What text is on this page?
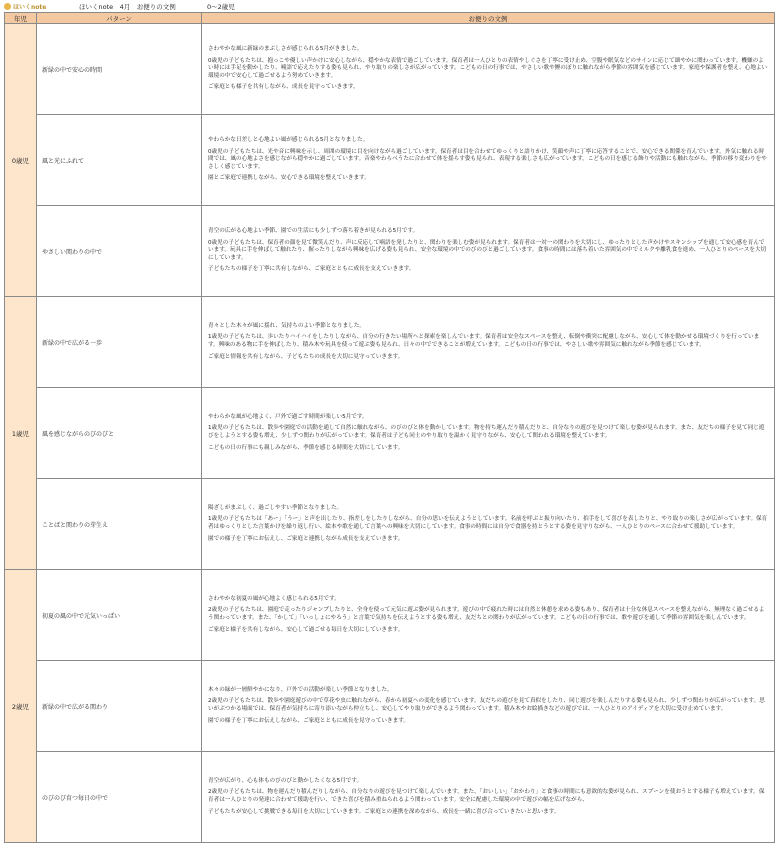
ほいくnote	ほいくnote　4月　お便りの文例	0〜2歳児
年児	パターン	お便りの文例
0歳児	新緑の中で安心の時間	さわやかな風に新緑のまぶしさが感じられる5月がきました。
0歳児の子どもたちは、抱っこや優しい声かけに安心しながら、穏やかな表情で過ごしています。保育者は一人ひとりの表情やしぐさを丁寧に受け止め、空腹や眠気などのサインに応じて細やかに関わっています。機嫌のよい時には手足を動かしたり、喃語で応えたりする姿も見られ、やり取りの楽しさが広がっています。こどもの日の行事では、やさしい歌や鯉のぼりに触れながら季節の雰囲気を感じています。家庭や保護者を整え、心地よい環境の中で安心して過ごせるよう努めていきます。
ご家庭とも様子を共有しながら、成長を見守っていきます。

	風と光にふれて	やわらかな日差しと心地よい風が感じられる5月となりました。
0歳児の子どもたちは、光や音に興味を示し、周囲の環境に目を向けながら過ごしています。保育者は目を合わせてゆっくりと語りかけ、笑顔や声に丁寧に応答することで、安心できる関係を育んでいます。外気に触れる時間では、風の心地よさを感じながら穏やかに過ごしています。音楽やわらべうたに合わせて体を揺らす姿も見られ、表現する楽しさも広がっています。こどもの日を感じる飾りや活動にも触れながら、季節の移り変わりをやさしく感じています。
園とご家庭で連携しながら、安心できる環境を整えていきます。

	やさしい関わりの中で	青空の広がる心地よい季節、園での生活にも少しずつ落ち着きが見られる5月です。
0歳児の子どもたちは、保育者の顔を見て微笑んだり、声に反応して喃語を発したりと、関わりを楽しむ姿が見られます。保育者は一対一の関わりを大切にし、ゆったりとした声かけやスキンシップを通して安心感を育んでいます。玩具に手を伸ばして触れたり、握ったりしながら興味を広げる姿も見られ、安全な環境の中でのびのびと過ごしています。食事の時間には落ち着いた雰囲気の中でミルクや離乳食を進め、一人ひとりのペースを大切にしています。
子どもたちの様子を丁寧に共有しながら、ご家庭とともに成長を支えていきます。

1歳児	新緑の中で広がる一歩	青々とした木々が風に揺れ、気持ちのよい季節となりました。
1歳児の子どもたちは、歩いたりハイハイをしたりしながら、自分の行きたい場所へと探索を楽しんでいます。保育者は安全なスペースを整え、転倒や衝突に配慮しながら、安心して体を動かせる環境づくりを行っています。興味のある物に手を伸ばしたり、積み木や玩具を使って遊ぶ姿も見られ、日々の中でできることが増えています。こどもの日の行事では、やさしい歌や雰囲気に触れながら季節を感じています。
ご家庭と情報を共有しながら、子どもたちの成長を大切に見守っていきます。

	風を感じながらのびのびと	やわらかな風が心地よく、戸外で過ごす時間が楽しい5月です。
1歳児の子どもたちは、散歩や園庭での活動を通して自然に触れながら、のびのびと体を動かしています。物を持ち運んだり積んだりと、自分なりの遊びを見つけて楽しむ姿が見られます。また、友だちの様子を見て同じ遊びをしようとする姿も増え、少しずつ関わりが広がっています。保育者は子ども同士のやり取りを温かく見守りながら、安心して関われる環境を整えています。
こどもの日の行事にも親しみながら、季節を感じる時間を大切にしています。

	ことばと関わりの芽生え	陽ざしがまぶしく、過ごしやすい季節となりました。
1歳児の子どもたちは「あー」「うー」と声を出したり、指差しをしたりしながら、自分の思いを伝えようとしています。名前を呼ぶと振り向いたり、拍手をして喜びを表したりと、やり取りの楽しさが広がっています。保育者はゆっくりとした言葉かけを繰り返し行い、絵本や歌を通して言葉への興味を大切にしています。食事の時間には自分で食器を持とうとする姿を見守りながら、一人ひとりのペースに合わせて援助しています。
園での様子を丁寧にお伝えし、ご家庭と連携しながら成長を支えていきます。

2歳児	初夏の風の中で元気いっぱい	さわやかな初夏の風が心地よく感じられる5月です。
2歳児の子どもたちは、園庭で走ったりジャンプしたりと、全身を使って元気に遊ぶ姿が見られます。遊びの中で疲れた時には自然と休憩を求める姿もあり、保育者は十分な休息スペースを整えながら、無理なく過ごせるよう関わっています。また、「かして」「いっしょにやろう」と言葉で気持ちを伝えようとする姿も増え、友だちとの関わりが広がっています。こどもの日の行事では、歌や遊びを通して季節の雰囲気を楽しんでいます。
ご家庭と様子を共有しながら、安心して過ごせる毎日を大切にしていきます。

	新緑の中で広がる関わり	木々の緑が一層鮮やかになり、戸外での活動が楽しい季節となりました。
2歳児の子どもたちは、散歩や園庭遊びの中で草花や虫に触れながら、春から初夏への変化を感じています。友だちの遊びを見て真似をしたり、同じ遊びを楽しんだりする姿も見られ、少しずつ関わりが広がっています。思いがぶつかる場面では、保育者が気持ちに寄り添いながら仲立ちし、安心してやり取りができるよう関わっています。積み木やお絵描きなどの遊びでは、一人ひとりのアイディアを大切に受け止めています。
園での様子を丁寧にお伝えしながら、ご家庭とともに成長を見守っていきます。

	のびのび育つ毎日の中で	青空が広がり、心も体ものびのびと動かしたくなる5月です。
2歳児の子どもたちは、物を運んだり積んだりしながら、自分なりの遊びを見つけて楽しんでいます。また、「おいしい」「おかわり」と食事の時間にも意欲的な姿が見られ、スプーンを使おうとする様子も増えています。保育者は一人ひとりの発達に合わせて援助を行い、できた喜びを積み重ねられるよう関わっています。安全に配慮した環境の中で遊びの幅を広げながら、
子どもたちが安心して挑戦できる毎日を大切にしていきます。ご家庭との連携を深めながら、成長を一緒に喜び合っていきたいと思います。
